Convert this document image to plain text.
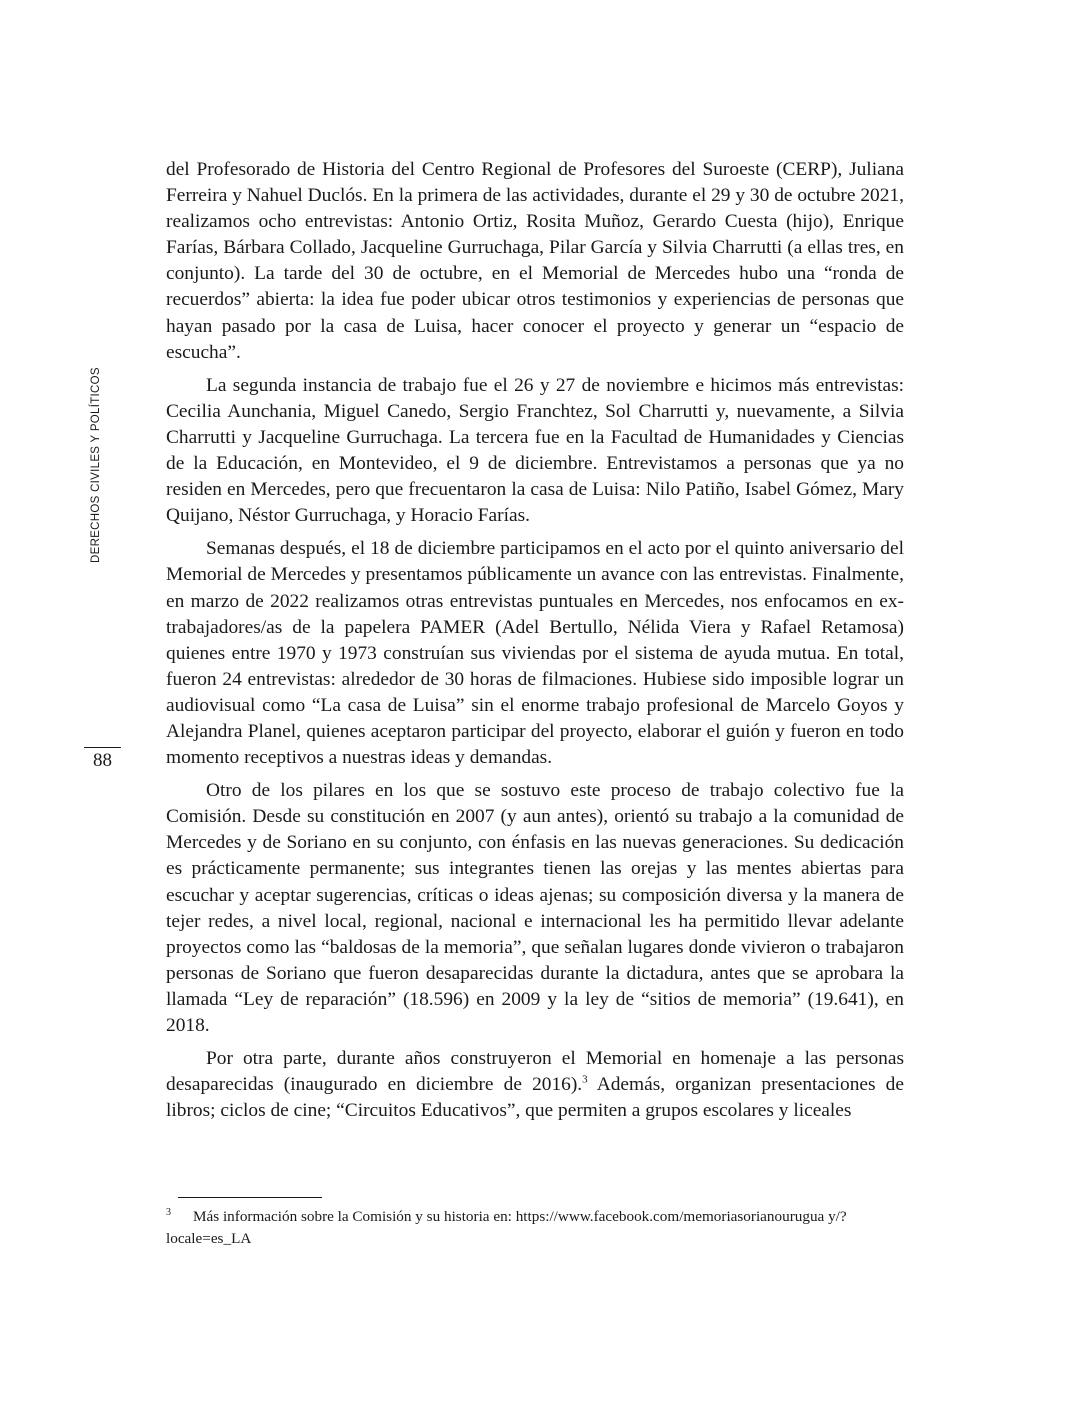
DERECHOS CIVILES Y POLÍTICOS
88

del Profesorado de Historia del Centro Regional de Profesores del Suroeste (CERP), Juliana Ferreira y Nahuel Duclós. En la primera de las actividades, durante el 29 y 30 de octubre 2021, realizamos ocho entrevistas: Antonio Ortiz, Rosita Muñoz, Gerardo Cuesta (hijo), Enrique Farías, Bárbara Collado, Jacqueline Gurruchaga, Pilar García y Silvia Charrutti (a ellas tres, en conjunto). La tarde del 30 de octubre, en el Memorial de Mercedes hubo una “ronda de recuerdos” abierta: la idea fue poder ubicar otros testimonios y experiencias de personas que hayan pasado por la casa de Luisa, hacer conocer el proyecto y generar un “espacio de escucha”.

La segunda instancia de trabajo fue el 26 y 27 de noviembre e hicimos más entrevistas: Cecilia Aunchania, Miguel Canedo, Sergio Franchtez, Sol Charrutti y, nuevamente, a Silvia Charrutti y Jacqueline Gurruchaga. La tercera fue en la Facultad de Humanidades y Ciencias de la Educación, en Montevideo, el 9 de diciembre. Entrevistamos a personas que ya no residen en Mercedes, pero que frecuentaron la casa de Luisa: Nilo Patiño, Isabel Gómez, Mary Quijano, Néstor Gurruchaga, y Horacio Farías.

Semanas después, el 18 de diciembre participamos en el acto por el quinto aniversario del Memorial de Mercedes y presentamos públicamente un avance con las entrevistas. Finalmente, en marzo de 2022 realizamos otras entrevistas puntuales en Mercedes, nos enfocamos en ex-trabajadores/as de la papelera PAMER (Adel Bertullo, Nélida Viera y Rafael Retamosa) quienes entre 1970 y 1973 construían sus viviendas por el sistema de ayuda mutua. En total, fueron 24 entrevistas: alrededor de 30 horas de filmaciones. Hubiese sido imposible lograr un audiovisual como “La casa de Luisa” sin el enorme trabajo profesional de Marcelo Goyos y Alejandra Planel, quienes aceptaron participar del proyecto, elaborar el guión y fueron en todo momento receptivos a nuestras ideas y demandas.

Otro de los pilares en los que se sostuvo este proceso de trabajo colectivo fue la Comisión. Desde su constitución en 2007 (y aun antes), orientó su trabajo a la comunidad de Mercedes y de Soriano en su conjunto, con énfasis en las nuevas generaciones. Su dedicación es prácticamente permanente; sus integrantes tienen las orejas y las mentes abiertas para escuchar y aceptar sugerencias, críticas o ideas ajenas; su composición diversa y la manera de tejer redes, a nivel local, regional, nacional e internacional les ha permitido llevar adelante proyectos como las “baldosas de la memoria”, que señalan lugares donde vivieron o trabajaron personas de Soriano que fueron desaparecidas durante la dictadura, antes que se aprobara la llamada “Ley de reparación” (18.596) en 2009 y la ley de “sitios de memoria” (19.641), en 2018.

Por otra parte, durante años construyeron el Memorial en homenaje a las personas desaparecidas (inaugurado en diciembre de 2016).$^3$ Además, organizan presentaciones de libros; ciclos de cine; “Circuitos Educativos”, que permiten a grupos escolares y liceales

3 Más información sobre la Comisión y su historia en: https://www.facebook.com/memoriasorianourugua y/?locale=es_LA
